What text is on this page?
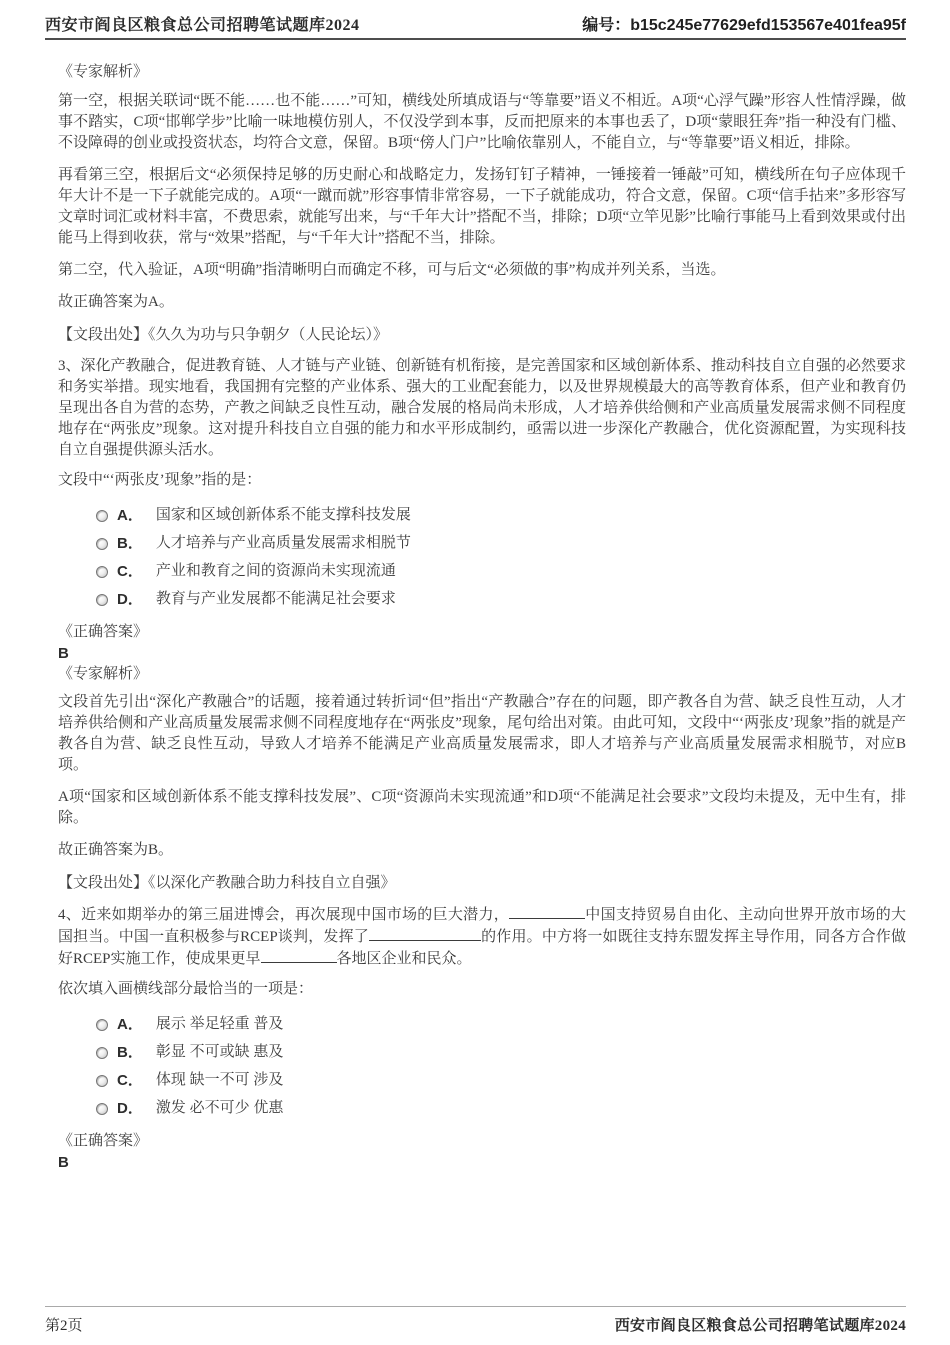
西安市阎良区粮食总公司招聘笔试题库2024	编号：b15c245e77629efd153567e401fea95f

《专家解析》

第一空，根据关联词“既不能……也不能……”可知，横线处所填成语与“等靠要”语义不相近。A项“心浮气躁”形容人性情浮躁，做事不踏实，C项“邯郸学步”比喻一味地模仿别人，不仅没学到本事，反而把原来的本事也丢了，D项“蒙眼狂奔”指一种没有门槛、不设障碍的创业或投资状态，均符合文意，保留。B项“傍人门户”比喻依靠别人，不能自立，与“等靠要”语义相近，排除。

再看第三空，根据后文“必须保持足够的历史耐心和战略定力，发扬钉钉子精神，一锤接着一锤敲”可知，横线所在句子应体现千年大计不是一下子就能完成的。A项“一蹴而就”形容事情非常容易，一下子就能成功，符合文意，保留。C项“信手拈来”多形容写文章时词汇或材料丰富，不费思索，就能写出来，与“千年大计”搭配不当，排除；D项“立竿见影”比喻行事能马上看到效果或付出能马上得到收获，常与“效果”搭配，与“千年大计”搭配不当，排除。

第二空，代入验证，A项“明确”指清晰明白而确定不移，可与后文“必须做的事”构成并列关系，当选。

故正确答案为A。

【文段出处】《久久为功与只争朝夕（人民论坛）》

3、深化产教融合，促进教育链、人才链与产业链、创新链有机衔接，是完善国家和区域创新体系、推动科技自立自强的必然要求和务实举措。现实地看，我国拥有完整的产业体系、强大的工业配套能力，以及世界规模最大的高等教育体系，但产业和教育仍呈现出各自为营的态势，产教之间缺乏良性互动，融合发展的格局尚未形成，人才培养供给侧和产业高质量发展需求侧不同程度地存在“两张皮”现象。这对提升科技自立自强的能力和水平形成制约，亟需以进一步深化产教融合，优化资源配置，为实现科技自立自强提供源头活水。

文段中“‘两张皮’现象”指的是：

A． 国家和区域创新体系不能支撑科技发展
B． 人才培养与产业高质量发展需求相脱节
C． 产业和教育之间的资源尚未实现流通
D． 教育与产业发展都不能满足社会要求

《正确答案》

B

《专家解析》

文段首先引出“深化产教融合”的话题，接着通过转折词“但”指出“产教融合”存在的问题，即产教各自为营、缺乏良性互动，人才培养供给侧和产业高质量发展需求侧不同程度地存在“两张皮”现象，尾句给出对策。由此可知，文段中“‘两张皮’现象”指的就是产教各自为营、缺乏良性互动，导致人才培养不能满足产业高质量发展需求，即人才培养与产业高质量发展需求相脱节，对应B项。

A项“国家和区域创新体系不能支撑科技发展”、C项“资源尚未实现流通”和D项“不能满足社会要求”文段均未提及，无中生有，排除。

故正确答案为B。

【文段出处】《以深化产教融合助力科技自立自强》

4、近来如期举办的第三届进博会，再次展现中国市场的巨大潜力，	中国支持贸易自由化、主动向世界开放市场的大国担当。中国一直积极参与RCEP谈判，发挥了	的作用。中方将一如既往支持东盟发挥主导作用，同各方合作做好RCEP实施工作，使成果更早	各地区企业和民众。

依次填入画横线部分最恰当的一项是：

A． 展示 举足轻重 普及
B． 彰显 不可或缺 惠及
C． 体现 缺一不可 涉及
D． 激发 必不可少 优惠

《正确答案》

B

第2页	西安市阎良区粮食总公司招聘笔试题库2024
